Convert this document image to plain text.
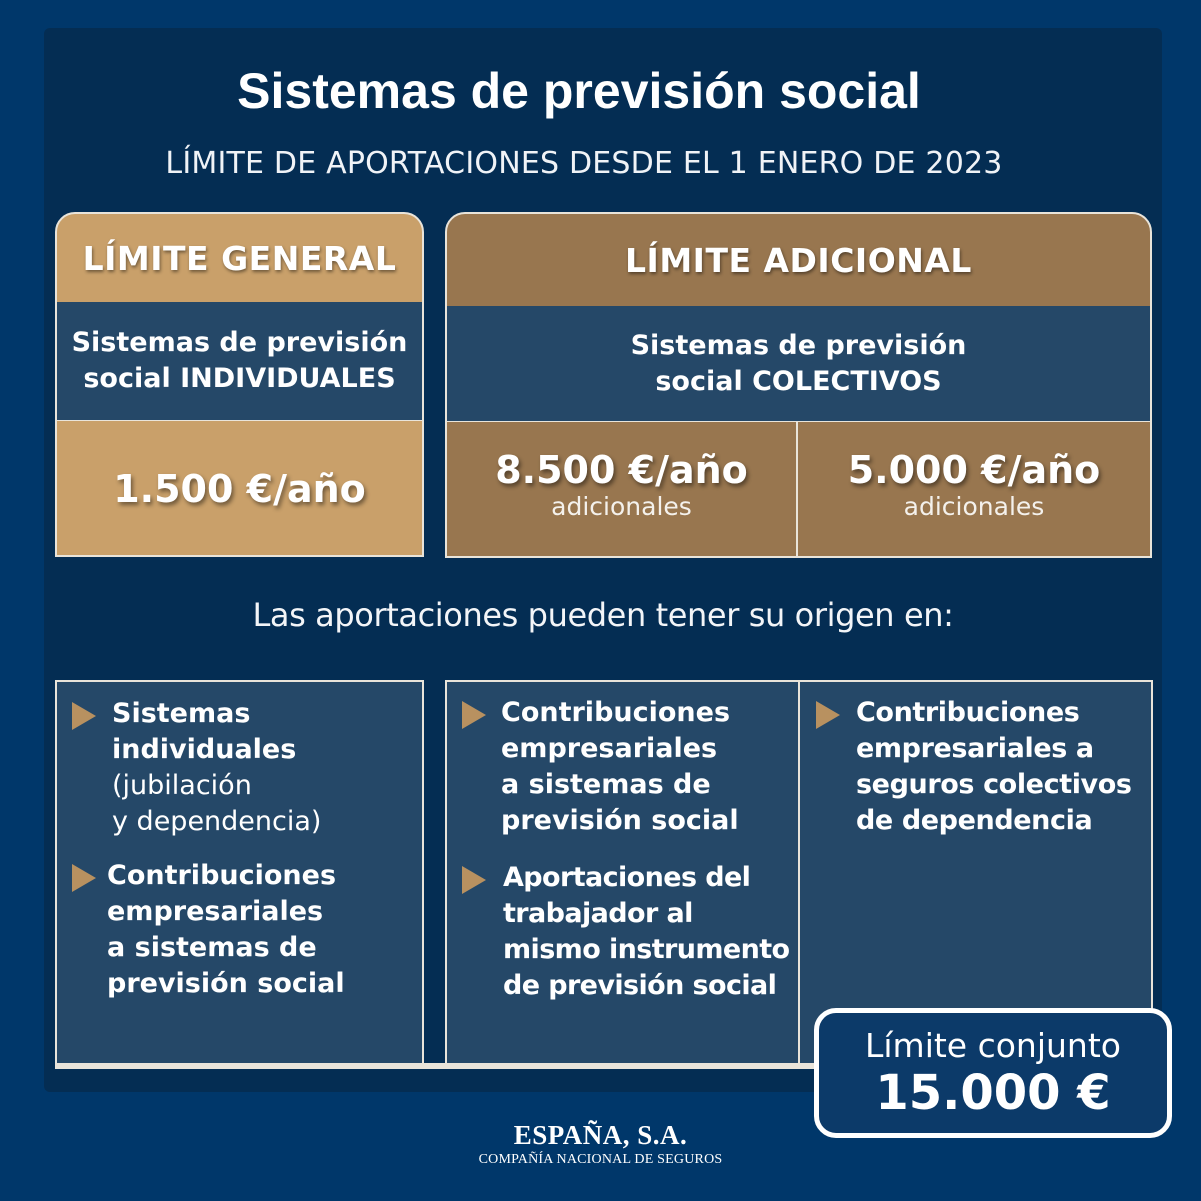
Sistemas de previsión social
LÍMITE DE APORTACIONES DESDE EL 1 ENERO DE 2023
LÍMITE GENERAL
Sistemas de previsión
social INDIVIDUALES
1.500 €/año
LÍMITE ADICIONAL
Sistemas de previsión
social COLECTIVOS
8.500 €/año
adicionales
5.000 €/año
adicionales
Las aportaciones pueden tener su origen en:
Sistemas
individuales
(jubilación
y dependencia)
Contribuciones
empresariales
a sistemas de
previsión social
Contribuciones
empresariales
a sistemas de
previsión social
Aportaciones del
trabajador al
mismo instrumento
de previsión social
Contribuciones
empresariales a
seguros colectivos
de dependencia
Límite conjunto
15.000 €
ESPAÑA, S.A.
COMPAÑÍA NACIONAL DE SEGUROS
